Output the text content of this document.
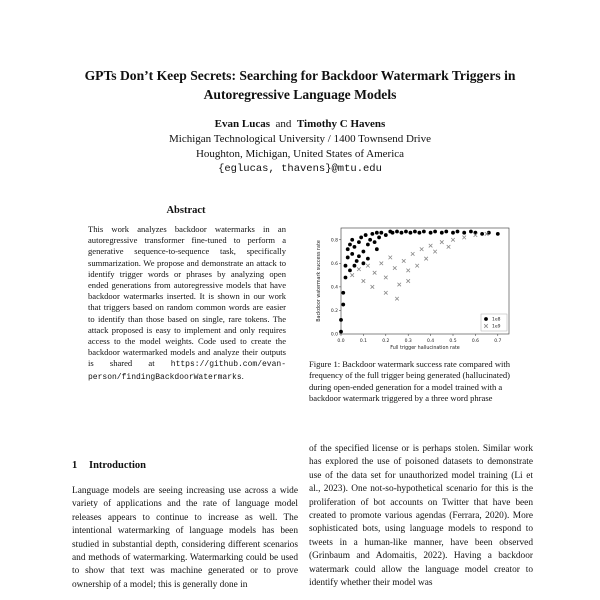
GPTs Don’t Keep Secrets: Searching for Backdoor Watermark Triggers in
Autoregressive Language Models
Evan Lucas and Timothy C Havens
Michigan Technological University / 1400 Townsend Drive
Houghton, Michigan, United States of America
{eglucas, thavens}@mtu.edu
Abstract
This work analyzes backdoor watermarks in an autoregressive transformer fine-tuned to perform a generative sequence-to-sequence task, specifically summarization. We propose and demonstrate an attack to identify trigger words or phrases by analyzing open ended generations from autoregressive models that have backdoor watermarks inserted. It is shown in our work that triggers based on random common words are easier to identify than those based on single, rare tokens. The attack proposed is easy to implement and only requires access to the model weights. Code used to create the backdoor watermarked models and analyze their outputs is shared at https://github.com/evan-person/findingBackdoorWatermarks.
1 Introduction
Language models are seeing increasing use across a wide variety of applications and the rate of language model releases appears to continue to increase as well. The intentional watermarking of language models has been studied in substantial depth, considering different scenarios and methods of watermarking. Watermarking could be used to show that text was machine generated or to prove ownership of a model; this is generally done in
0.0	0.1	0.2	0.3	0.4	0.5	0.6	0.7
0.0
0.2
0.4
0.6
0.8
Full trigger hallucination rate
Backdoor watermark success rate	1e8
1e9
Figure 1: Backdoor watermark success rate compared with frequency of the full trigger being generated (hallucinated) during open-ended generation for a model trained with a backdoor watermark triggered by a three word phrase
of the specified license or is perhaps stolen. Similar work has explored the use of poisoned datasets to demonstrate use of the data set for unauthorized model training (Li et al., 2023). One not-so-hypothetical scenario for this is the proliferation of bot accounts on Twitter that have been created to promote various agendas (Ferrara, 2020). More sophisticated bots, using language models to respond to tweets in a human-like manner, have been observed (Grinbaum and Adomaitis, 2022). Having a backdoor watermark could allow the language model creator to identify whether their model was
